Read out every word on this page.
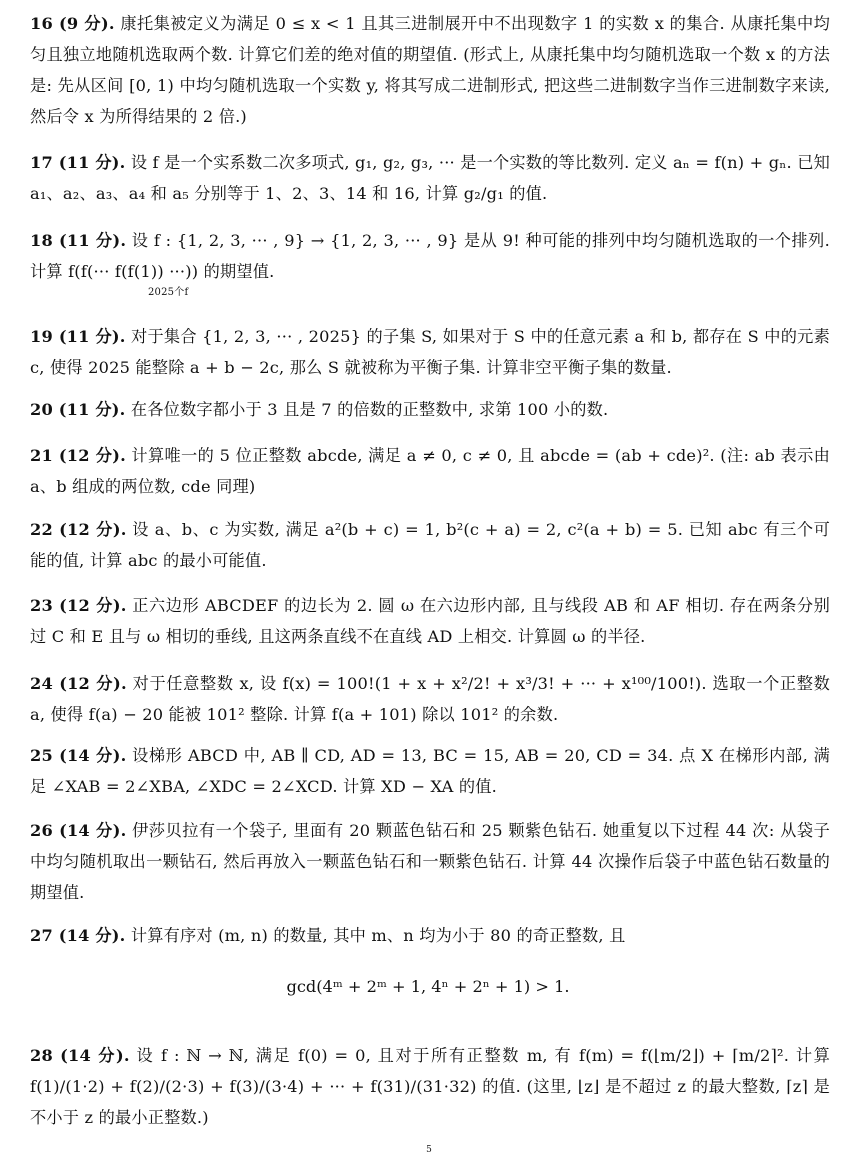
16 (9 分). 康托集被定义为满足 0 ≤ x < 1 且其三进制展开中不出现数字 1 的实数 x 的集合. 从康托集中均匀且独立地随机选取两个数. 计算它们差的绝对值的期望值. (形式上, 从康托集中均匀随机选取一个数 x 的方法是: 先从区间 [0, 1) 中均匀随机选取一个实数 y, 将其写成二进制形式, 把这些二进制数字当作三进制数字来读, 然后令 x 为所得结果的 2 倍.)
17 (11 分). 设 f 是一个实系数二次多项式, g₁, g₂, g₃, ··· 是一个实数的等比数列. 定义 aₙ = f(n) + gₙ. 已知 a₁、a₂、a₃、a₄ 和 a₅ 分别等于 1、2、3、14 和 16, 计算 g₂/g₁ 的值.
18 (11 分). 设 f : {1, 2, 3, ··· , 9} → {1, 2, 3, ··· , 9} 是从 9! 种可能的排列中均匀随机选取的一个排列. 计算 f(f(··· f(f(1)) ···)) 的期望值.
2025个f
19 (11 分). 对于集合 {1, 2, 3, ··· , 2025} 的子集 S, 如果对于 S 中的任意元素 a 和 b, 都存在 S 中的元素 c, 使得 2025 能整除 a + b − 2c, 那么 S 就被称为平衡子集. 计算非空平衡子集的数量.
20 (11 分). 在各位数字都小于 3 且是 7 的倍数的正整数中, 求第 100 小的数.
21 (12 分). 计算唯一的 5 位正整数 abcde, 满足 a ≠ 0, c ≠ 0, 且 abcde = (ab + cde)². (注: ab 表示由 a、b 组成的两位数, cde 同理)
22 (12 分). 设 a、b、c 为实数, 满足 a²(b + c) = 1, b²(c + a) = 2, c²(a + b) = 5. 已知 abc 有三个可能的值, 计算 abc 的最小可能值.
23 (12 分). 正六边形 ABCDEF 的边长为 2. 圆 ω 在六边形内部, 且与线段 AB 和 AF 相切. 存在两条分别过 C 和 E 且与 ω 相切的垂线, 且这两条直线不在直线 AD 上相交. 计算圆 ω 的半径.
24 (12 分). 对于任意整数 x, 设 f(x) = 100!(1 + x + x²/2! + x³/3! + ··· + x¹⁰⁰/100!). 选取一个正整数 a, 使得 f(a) − 20 能被 101² 整除. 计算 f(a + 101) 除以 101² 的余数.
25 (14 分). 设梯形 ABCD 中, AB ∥ CD, AD = 13, BC = 15, AB = 20, CD = 34. 点 X 在梯形内部, 满足 ∠XAB = 2∠XBA, ∠XDC = 2∠XCD. 计算 XD − XA 的值.
26 (14 分). 伊莎贝拉有一个袋子, 里面有 20 颗蓝色钻石和 25 颗紫色钻石. 她重复以下过程 44 次: 从袋子中均匀随机取出一颗钻石, 然后再放入一颗蓝色钻石和一颗紫色钻石. 计算 44 次操作后袋子中蓝色钻石数量的期望值.
27 (14 分). 计算有序对 (m, n) 的数量, 其中 m、n 均为小于 80 的奇正整数, 且
gcd(4ᵐ + 2ᵐ + 1, 4ⁿ + 2ⁿ + 1) > 1.
28 (14 分). 设 f : ℕ → ℕ, 满足 f(0) = 0, 且对于所有正整数 m, 有 f(m) = f(⌊m/2⌋) + ⌈m/2⌉². 计算 f(1)/(1·2) + f(2)/(2·3) + f(3)/(3·4) + ··· + f(31)/(31·32) 的值. (这里, ⌊z⌋ 是不超过 z 的最大整数, ⌈z⌉ 是不小于 z 的最小正整数.)
5
